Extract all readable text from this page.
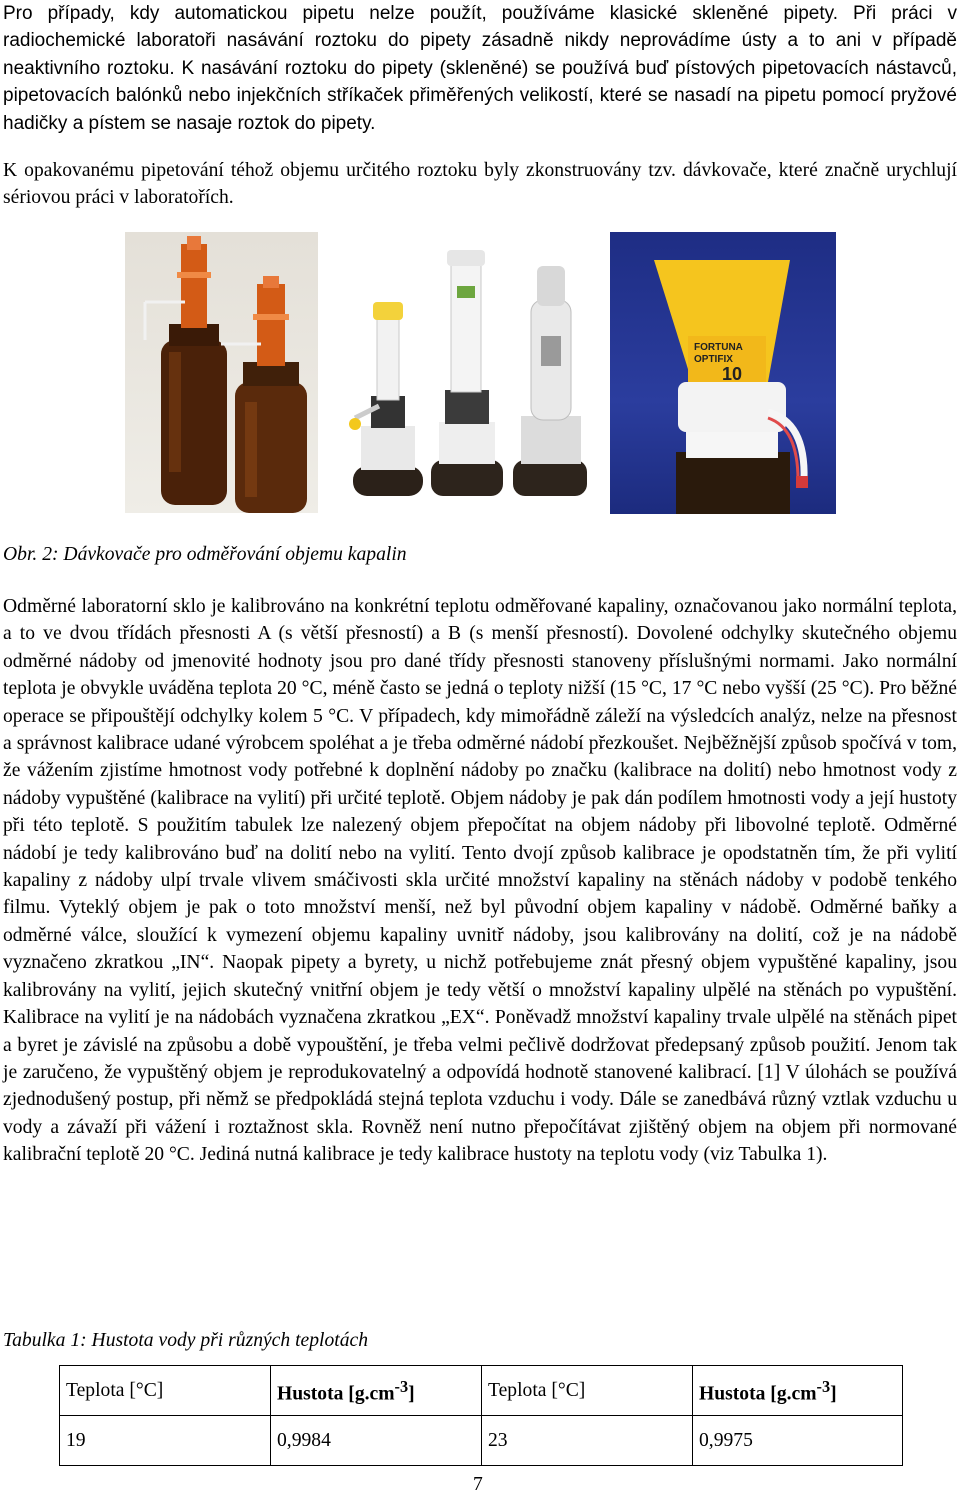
Pro případy, kdy automatickou pipetu nelze použít, používáme klasické skleněné pipety. Při práci v radiochemické laboratoři nasávání roztoku do pipety zásadně nikdy neprovádíme ústy a to ani v případě neaktivního roztoku. K nasávání roztoku do pipety (skleněné) se používá buď pístových pipetovacích nástavců, pipetovacích balónků nebo injekčních stříkaček přiměřených velikostí, které se nasadí na pipetu pomocí pryžové hadičky a pístem se nasaje roztok do pipety.

K opakovanému pipetování téhož objemu určitého roztoku byly zkonstruovány tzv. dávkovače, které značně urychlují sériovou práci v laboratořích.

FORTUNA
OPTIFIX
10
Obr. 2: Dávkovače pro odměřování objemu kapalin

Odměrné laboratorní sklo je kalibrováno na konkrétní teplotu odměřované kapaliny, označovanou jako normální teplota, a to ve dvou třídách přesnosti A (s větší přesností) a B (s menší přesností). Dovolené odchylky skutečného objemu odměrné nádoby od jmenovité hodnoty jsou pro dané třídy přesnosti stanoveny příslušnými normami. Jako normální teplota je obvykle uváděna teplota 20 °C, méně často se jedná o teploty nižší (15 °C, 17 °C nebo vyšší (25 °C). Pro běžné operace se připouštějí odchylky kolem 5 °C. V případech, kdy mimořádně záleží na výsledcích analýz, nelze na přesnost a správnost kalibrace udané výrobcem spoléhat a je třeba odměrné nádobí přezkoušet. Nejběžnější způsob spočívá v tom, že vážením zjistíme hmotnost vody potřebné k doplnění nádoby po značku (kalibrace na dolití) nebo hmotnost vody z nádoby vypuštěné (kalibrace na vylití) při určité teplotě. Objem nádoby je pak dán podílem hmotnosti vody a její hustoty při této teplotě. S použitím tabulek lze nalezený objem přepočítat na objem nádoby při libovolné teplotě. Odměrné nádobí je tedy kalibrováno buď na dolití nebo na vylití. Tento dvojí způsob kalibrace je opodstatněn tím, že při vylití kapaliny z nádoby ulpí trvale vlivem smáčivosti skla určité množství kapaliny na stěnách nádoby v podobě tenkého filmu. Vyteklý objem je pak o toto množství menší, než byl původní objem kapaliny v nádobě. Odměrné baňky a odměrné válce, sloužící k vymezení objemu kapaliny uvnitř nádoby, jsou kalibrovány na dolití, což je na nádobě vyznačeno zkratkou „IN“. Naopak pipety a byrety, u nichž potřebujeme znát přesný objem vypuštěné kapaliny, jsou kalibrovány na vylití, jejich skutečný vnitřní objem je tedy větší o množství kapaliny ulpělé na stěnách po vypuštění. Kalibrace na vylití je na nádobách vyznačena zkratkou „EX“. Poněvadž množství kapaliny trvale ulpělé na stěnách pipet a byret je závislé na způsobu a době vypouštění, je třeba velmi pečlivě dodržovat předepsaný způsob použití. Jenom tak je zaručeno, že vypuštěný objem je reprodukovatelný a odpovídá hodnotě stanovené kalibrací. [1] V úlohách se používá zjednodušený postup, při němž se předpokládá stejná teplota vzduchu i vody. Dále se zanedbává různý vztlak vzduchu u vody a závaží při vážení i roztažnost skla. Rovněž není nutno přepočítávat zjištěný objem na objem při normované kalibrační teplotě 20 °C. Jediná nutná kalibrace je tedy kalibrace hustoty na teplotu vody (viz Tabulka 1).

Tabulka 1: Hustota vody při různých teplotách
Teplota [°C]	Hustota $[g.cm^{-3}]$	Teplota [°C]	Hustota $[g.cm^{-3}]$
19	0,9984	23	0,9975
7
